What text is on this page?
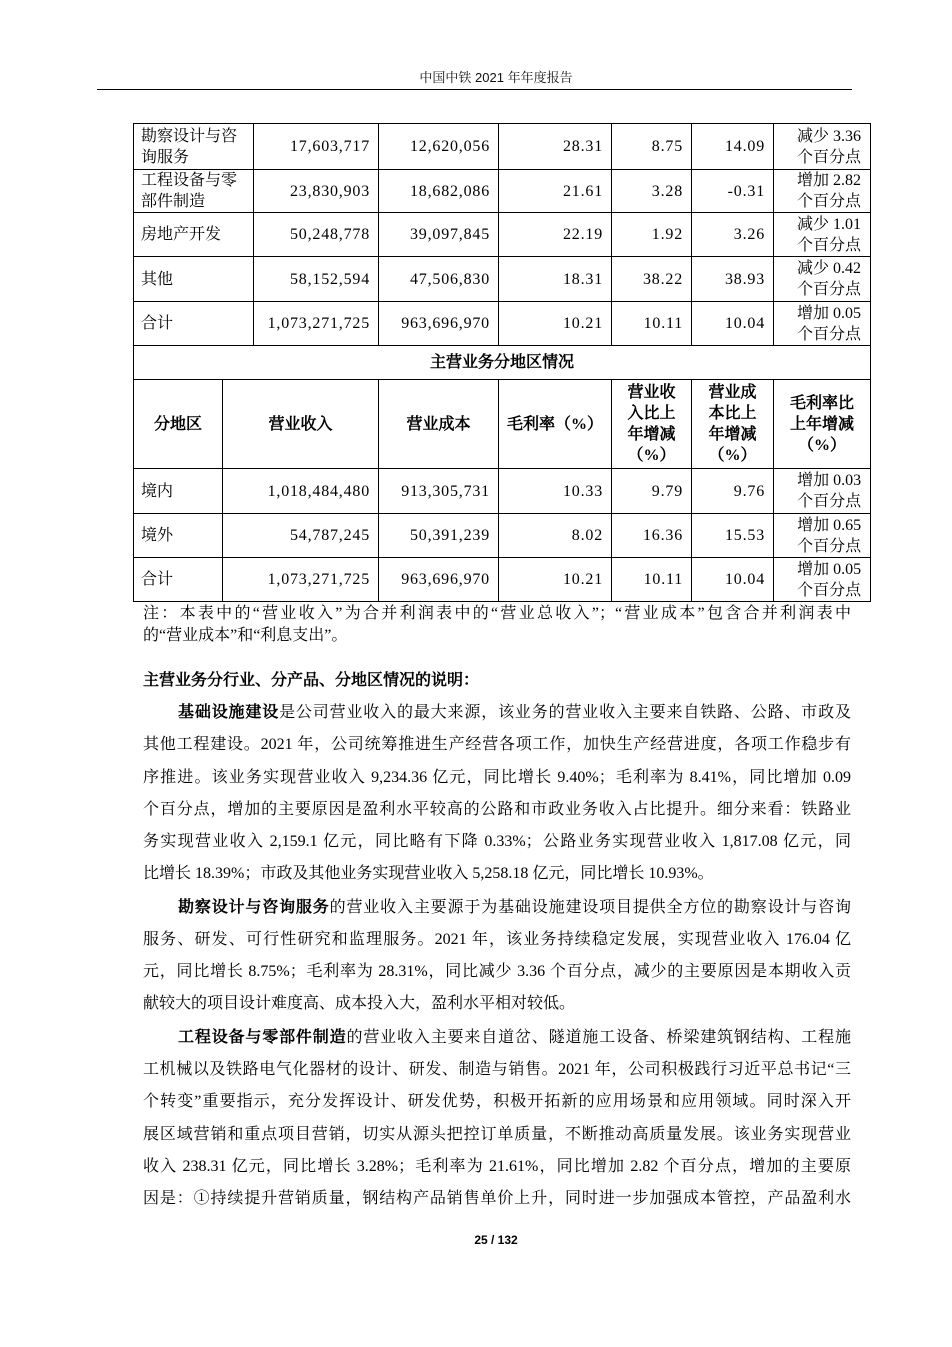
中国中铁 2021 年年度报告
勘察设计与咨询服务	17,603,717	12,620,056	28.31	8.75	14.09	减少 3.36 个百分点

工程设备与零部件制造	23,830,903	18,682,086	21.61	3.28	-0.31	增加 2.82 个百分点

房地产开发	50,248,778	39,097,845	22.19	1.92	3.26	减少 1.01 个百分点

其他	58,152,594	47,506,830	18.31	38.22	38.93	减少 0.42 个百分点

合计	1,073,271,725	963,696,970	10.21	10.11	10.04	增加 0.05 个百分点
主营业务分地区情况						
分地区	营业收入	营业成本	毛利率（%）	营业收入比上年增减（%）	营业成本比上年增减（%）	毛利率比上年增减（%）

境内	1,018,484,480	913,305,731	10.33	9.79	9.76	增加 0.03 个百分点

境外	54,787,245	50,391,239	8.02	16.36	15.53	增加 0.65 个百分点

合计	1,073,271,725	963,696,970	10.21	10.11	10.04	增加 0.05 个百分点
注：本表中的“营业收入”为合并利润表中的“营业总收入”；“营业成本”包含合并利润表中
的“营业成本”和“利息支出”。
主营业务分行业、分产品、分地区情况的说明：
基础设施建设是公司营业收入的最大来源，该业务的营业收入主要来自铁路、公路、市政及
其他工程建设。2021 年，公司统筹推进生产经营各项工作，加快生产经营进度，各项工作稳步有
序推进。该业务实现营业收入 9,234.36 亿元，同比增长 9.40%；毛利率为 8.41%，同比增加 0.09
个百分点，增加的主要原因是盈利水平较高的公路和市政业务收入占比提升。细分来看：铁路业
务实现营业收入 2,159.1 亿元，同比略有下降 0.33%；公路业务实现营业收入 1,817.08 亿元，同
比增长 18.39%；市政及其他业务实现营业收入 5,258.18 亿元，同比增长 10.93%。
勘察设计与咨询服务的营业收入主要源于为基础设施建设项目提供全方位的勘察设计与咨询
服务、研发、可行性研究和监理服务。2021 年，该业务持续稳定发展，实现营业收入 176.04 亿
元，同比增长 8.75%；毛利率为 28.31%，同比减少 3.36 个百分点，减少的主要原因是本期收入贡
献较大的项目设计难度高、成本投入大，盈利水平相对较低。
工程设备与零部件制造的营业收入主要来自道岔、隧道施工设备、桥梁建筑钢结构、工程施
工机械以及铁路电气化器材的设计、研发、制造与销售。2021 年，公司积极践行习近平总书记“三
个转变”重要指示，充分发挥设计、研发优势，积极开拓新的应用场景和应用领域。同时深入开
展区域营销和重点项目营销，切实从源头把控订单质量，不断推动高质量发展。该业务实现营业
收入 238.31 亿元，同比增长 3.28%；毛利率为 21.61%，同比增加 2.82 个百分点，增加的主要原
因是：①持续提升营销质量，钢结构产品销售单价上升，同时进一步加强成本管控，产品盈利水
25 / 132
